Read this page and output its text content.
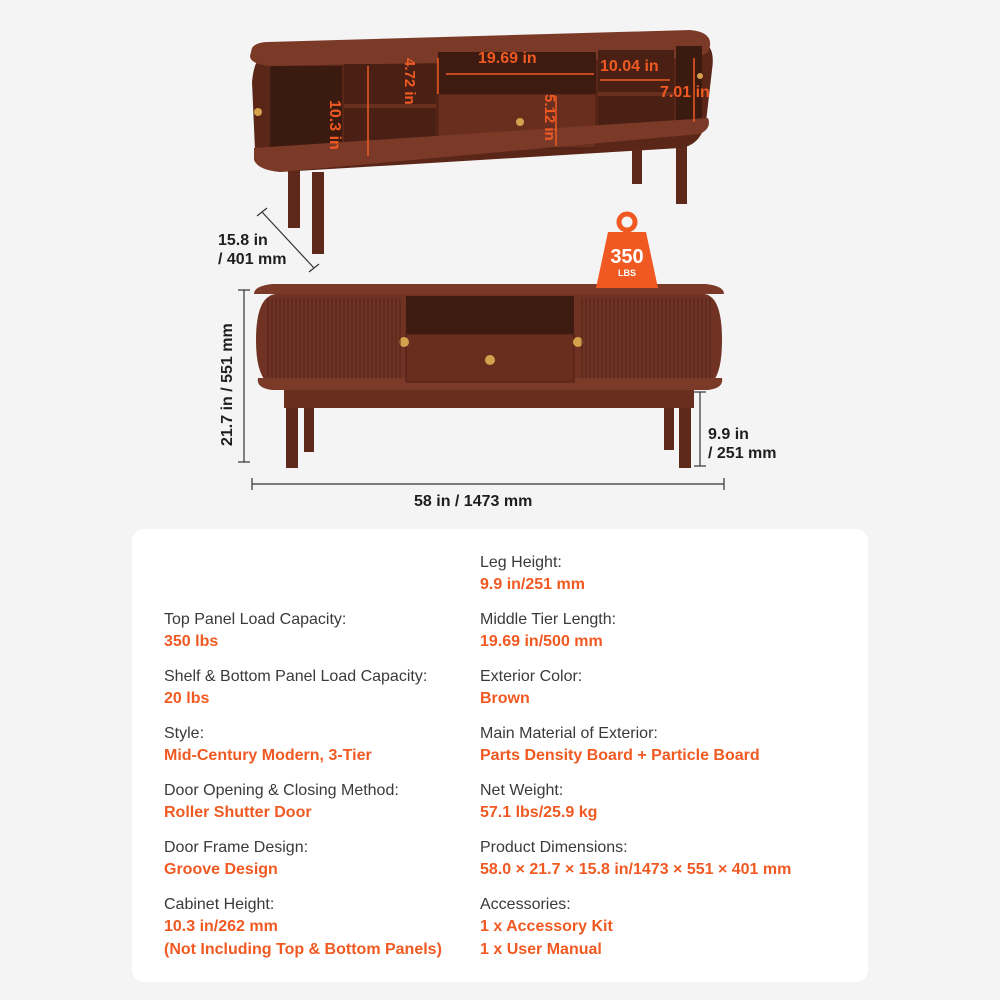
10.3 in
4.72 in	19.69 in
5.12 in
10.04 in
7.01 in
350
LBS
15.8 in
/ 401 mm
21.7 in / 551 mm	9.9 in
/ 251 mm
58 in / 1473 mm
Top Panel Load Capacity:
350 lbs
Shelf & Bottom Panel Load Capacity:
20 lbs
Style:
Mid-Century Modern, 3-Tier
Door Opening & Closing Method:
Roller Shutter Door
Door Frame Design:
Groove Design
Cabinet Height:
10.3 in/262 mm
(Not Including Top & Bottom Panels)
Leg Height:
9.9 in/251 mm
Middle Tier Length:
19.69 in/500 mm
Exterior Color:
Brown
Main Material of Exterior:
Parts Density Board + Particle Board
Net Weight:
57.1 lbs/25.9 kg
Product Dimensions:
58.0 × 21.7 × 15.8 in/1473 × 551 × 401 mm
Accessories:
1 x Accessory Kit
1 x User Manual
